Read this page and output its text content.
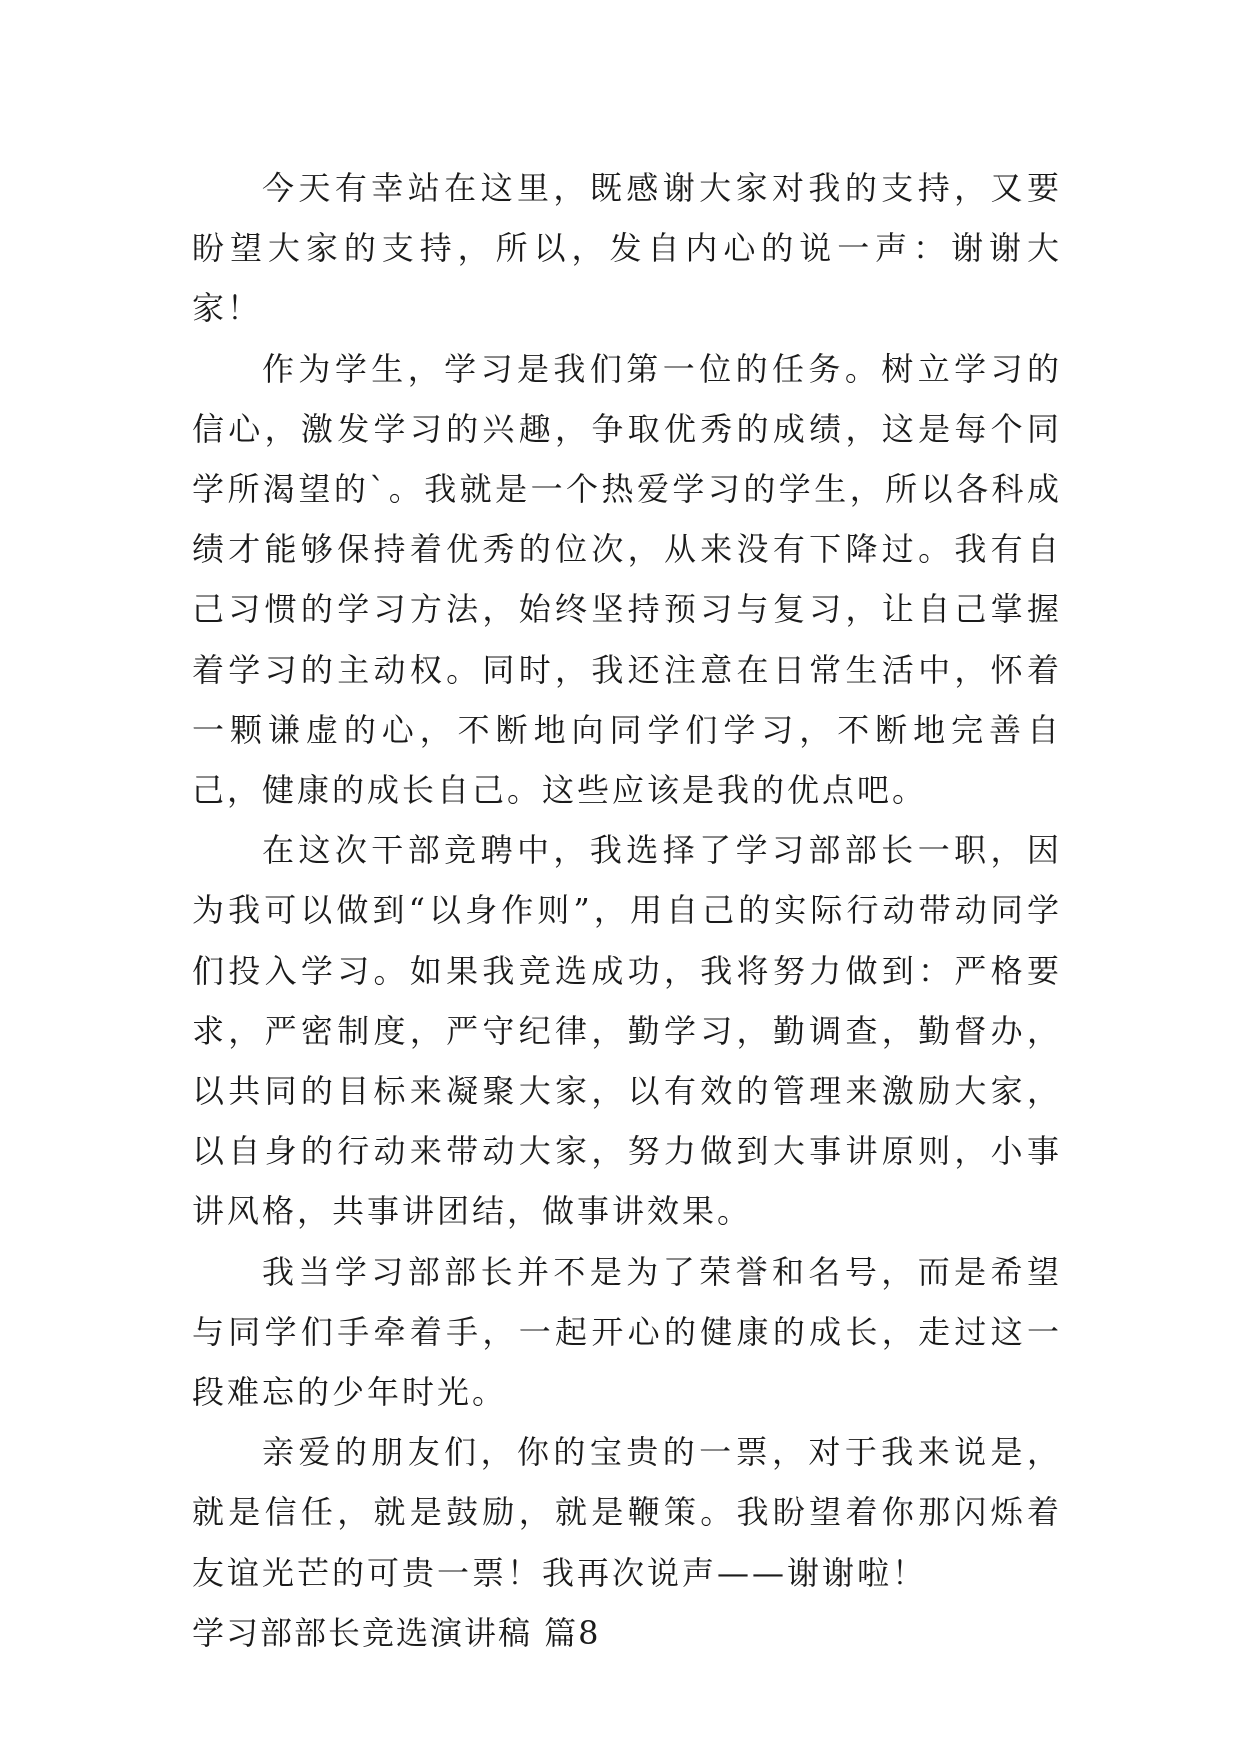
今天有幸站在这里，既感谢大家对我的支持，又要盼望大家的支持，所以，发自内心的说一声：谢谢大家！

作为学生，学习是我们第一位的任务。树立学习的信心，激发学习的兴趣，争取优秀的成绩，这是每个同学所渴望的`。我就是一个热爱学习的学生，所以各科成绩才能够保持着优秀的位次，从来没有下降过。我有自己习惯的学习方法，始终坚持预习与复习，让自己掌握着学习的主动权。同时，我还注意在日常生活中，怀着一颗谦虚的心，不断地向同学们学习，不断地完善自己，健康的成长自己。这些应该是我的优点吧。

在这次干部竞聘中，我选择了学习部部长一职，因为我可以做到“以身作则”，用自己的实际行动带动同学们投入学习。如果我竞选成功，我将努力做到：严格要求，严密制度，严守纪律，勤学习，勤调查，勤督办，以共同的目标来凝聚大家，以有效的管理来激励大家，以自身的行动来带动大家，努力做到大事讲原则，小事讲风格，共事讲团结，做事讲效果。

我当学习部部长并不是为了荣誉和名号，而是希望与同学们手牵着手，一起开心的健康的成长，走过这一段难忘的少年时光。

亲爱的朋友们，你的宝贵的一票，对于我来说是，就是信任，就是鼓励，就是鞭策。我盼望着你那闪烁着友谊光芒的可贵一票！我再次说声——谢谢啦！

学习部部长竞选演讲稿 篇8
